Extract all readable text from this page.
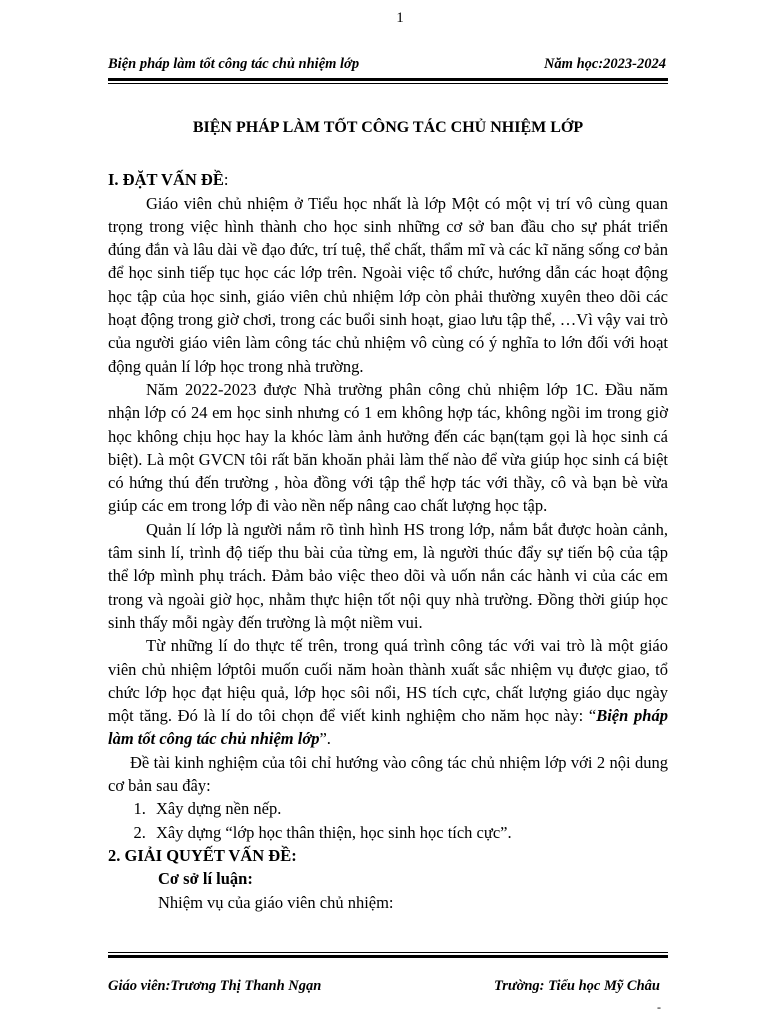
1
Biện pháp làm tốt công tác chủ nhiệm lớp	Năm học:2023-2024
BIỆN PHÁP LÀM TỐT CÔNG TÁC CHỦ NHIỆM LỚP

I. ĐẶT VẤN ĐỀ:

Giáo viên chủ nhiệm ở Tiểu học nhất là lớp Một có một vị trí vô cùng quan trọng trong việc hình thành cho học sinh những cơ sở ban đầu cho sự phát triển đúng đắn và lâu dài về đạo đức, trí tuệ, thể chất, thẩm mĩ và các kĩ năng sống cơ bản để học sinh tiếp tục học các lớp trên. Ngoài việc tổ chức, hướng dẫn các hoạt động học tập của học sinh, giáo viên chủ nhiệm lớp còn phải thường xuyên theo dõi các hoạt động trong giờ chơi, trong các buổi sinh hoạt, giao lưu tập thể, …Vì vậy vai trò của người giáo viên làm công tác chủ nhiệm vô cùng có ý nghĩa to lớn đối với hoạt động quản lí lớp học trong nhà trường.

Năm 2022-2023 được Nhà trường phân công chủ nhiệm lớp 1C. Đầu năm nhận lớp có 24 em học sinh nhưng có 1 em không hợp tác, không ngồi im trong giờ học không chịu học hay la khóc làm ảnh hưởng đến các bạn(tạm gọi là học sinh cá biệt). Là một GVCN tôi rất băn khoăn phải làm thế nào để vừa giúp học sinh cá biệt có hứng thú đến trường , hòa đồng với tập thể hợp tác với thầy, cô và bạn bè vừa giúp các em trong lớp đi vào nền nếp nâng cao chất lượng học tập.

Quản lí lớp là người nắm rõ tình hình HS trong lớp, nắm bắt được hoàn cảnh, tâm sinh lí, trình độ tiếp thu bài của từng em, là người thúc đẩy sự tiến bộ của tập thể lớp mình phụ trách. Đảm bảo việc theo dõi và uốn nắn các hành vi của các em trong và ngoài giờ học, nhằm thực hiện tốt nội quy nhà trường. Đồng thời giúp học sinh thấy mỗi ngày đến trường là một niềm vui.

Từ những lí do thực tế trên, trong quá trình công tác với vai trò là một giáo viên chủ nhiệm lớptôi muốn cuối năm hoàn thành xuất sắc nhiệm vụ được giao, tổ chức lớp học đạt hiệu quả, lớp học sôi nổi, HS tích cực, chất lượng giáo dục ngày một tăng. Đó là lí do tôi chọn để viết kinh nghiệm cho năm học này: “Biện pháp làm tốt công tác chủ nhiệm lớp”.

Đề tài kinh nghiệm của tôi chỉ hướng vào công tác chủ nhiệm lớp với 2 nội dung cơ bản sau đây:

1. Xây dựng nền nếp.
2. Xây dựng “lớp học thân thiện, học sinh học tích cực”.

2. GIẢI QUYẾT VẤN ĐỀ:

Cơ sở lí luận:

Nhiệm vụ của giáo viên chủ nhiệm:

Giáo viên:Trương Thị Thanh Ngạn	Trường: Tiểu học Mỹ Châu
-
